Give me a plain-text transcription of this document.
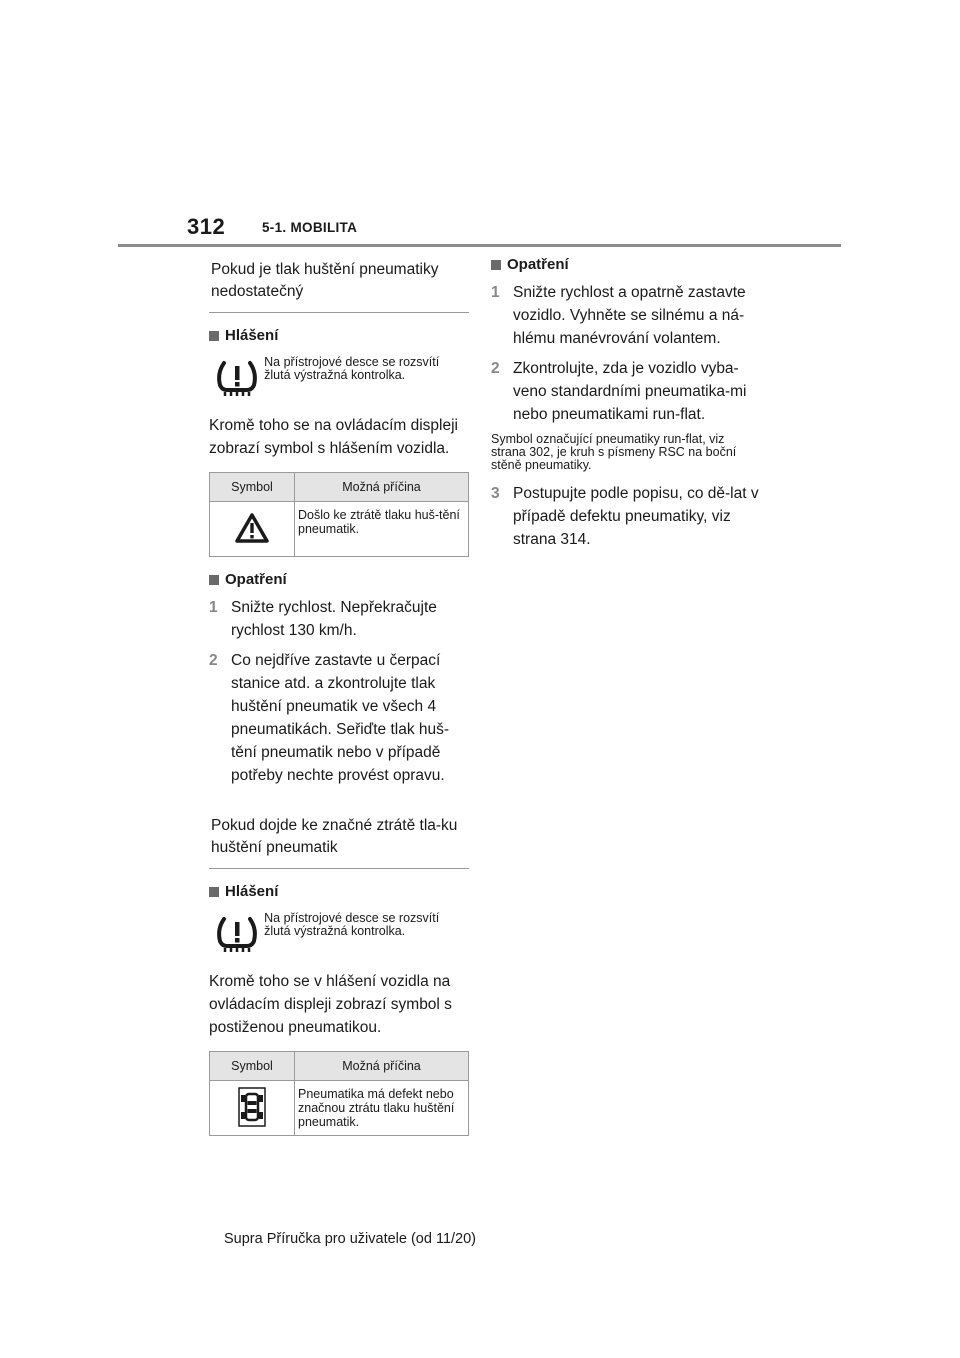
312	5-1. MOBILITA
Pokud je tlak huštění pneumatiky nedostatečný
Hlášení
Na přístrojové desce se rozsvítí žlutá výstražná kontrolka.
Kromě toho se na ovládacím displeji zobrazí symbol s hlášením vozidla.
Symbol	Možná příčina
	Došlo ke ztrátě tlaku huš-tění pneumatik.
Opatření
1 Snižte rychlost. Nepřekračujte rychlost 130 km/h.
2 Co nejdříve zastavte u čerpací stanice atd. a zkontrolujte tlak huštění pneumatik ve všech 4 pneumatikách. Seřiďte tlak huš-tění pneumatik nebo v případě potřeby nechte provést opravu.
Pokud dojde ke značné ztrátě tla-ku huštění pneumatik
Hlášení
Na přístrojové desce se rozsvítí žlutá výstražná kontrolka.
Kromě toho se v hlášení vozidla na ovládacím displeji zobrazí symbol s postiženou pneumatikou.
Symbol	Možná příčina
	Pneumatika má defekt nebo značnou ztrátu tlaku huštění pneumatik.
Opatření
1 Snižte rychlost a opatrně zastavte vozidlo. Vyhněte se silnému a ná-hlému manévrování volantem.
2 Zkontrolujte, zda je vozidlo vyba-veno standardními pneumatika-mi nebo pneumatikami run-flat.
Symbol označující pneumatiky run-flat, viz strana 302, je kruh s písmeny RSC na boční stěně pneumatiky.
3 Postupujte podle popisu, co dě-lat v případě defektu pneumatiky, viz strana 314.
Supra Příručka pro uživatele (od 11/20)
